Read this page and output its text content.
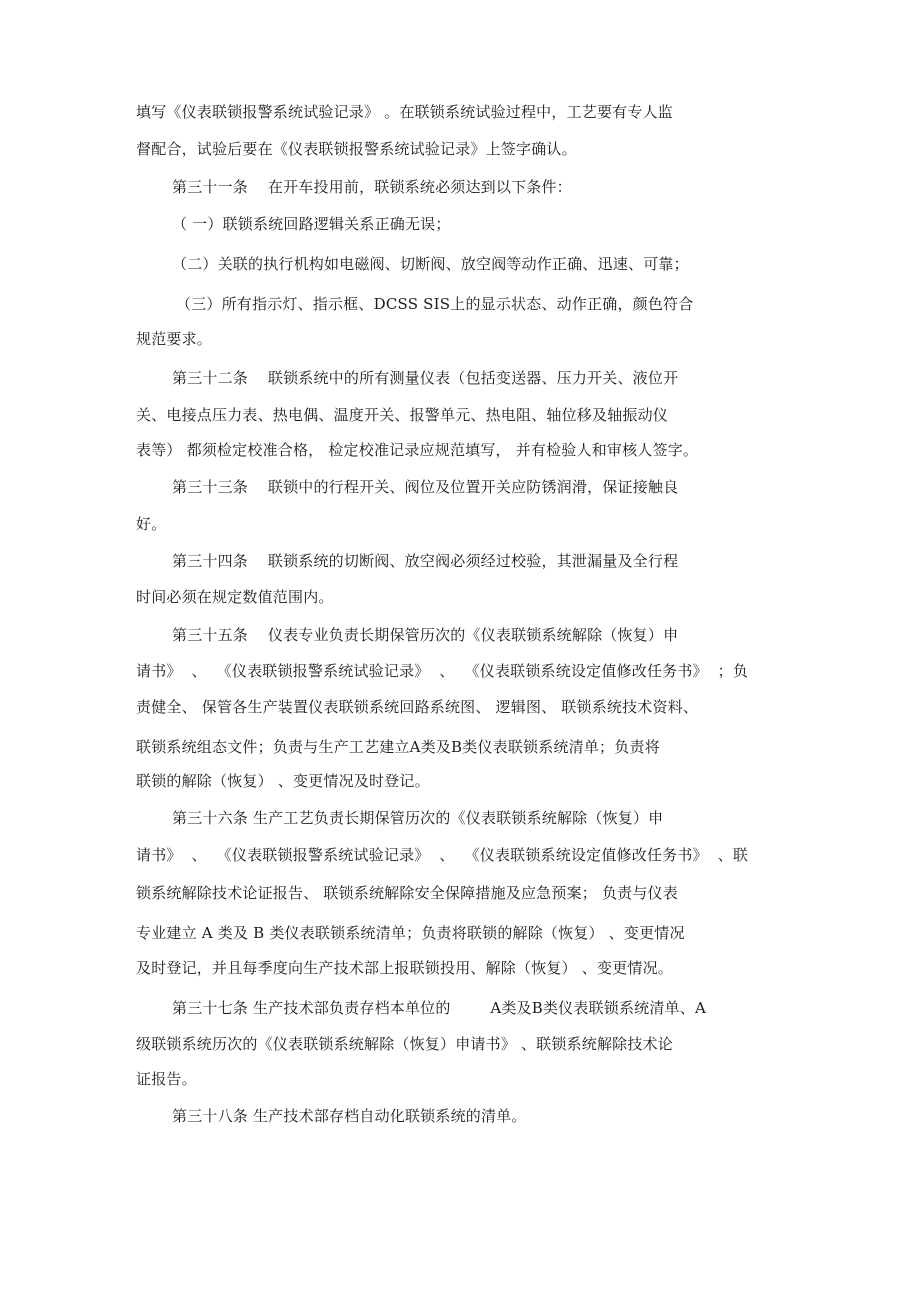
填写《仪表联锁报警系统试验记录》 。在联锁系统试验过程中，工艺要有专人监
督配合，试验后要在《仪表联锁报警系统试验记录》上签字确认。
第三十一条    在开车投用前，联锁系统必须达到以下条件：
（ 一）联锁系统回路逻辑关系正确无误；
（二）关联的执行机构如电磁阀、切断阀、放空阀等动作正确、迅速、可靠；
（三）所有指示灯、指示框、DCSS SIS上的显示状态、动作正确，颜色符合
规范要求。
第三十二条    联锁系统中的所有测量仪表（包括变送器、压力开关、液位开
关、电接点压力表、热电偶、温度开关、报警单元、热电阻、轴位移及轴振动仪
表等） 都须检定校准合格， 检定校准记录应规范填写， 并有检验人和审核人签字。
第三十三条    联锁中的行程开关、阀位及位置开关应防锈润滑，保证接触良
好。
第三十四条    联锁系统的切断阀、放空阀必须经过校验，其泄漏量及全行程
时间必须在规定数值范围内。
第三十五条    仪表专业负责长期保管历次的《仪表联锁系统解除（恢复）申
请书》  、  《仪表联锁报警系统试验记录》  、  《仪表联锁系统设定值修改任务书》  ；负
责健全、 保管各生产装置仪表联锁系统回路系统图、 逻辑图、 联锁系统技术资料、
联锁系统组态文件；负责与生产工艺建立A类及B类仪表联锁系统清单；负责将
联锁的解除（恢复） 、变更情况及时登记。
第三十六条 生产工艺负责长期保管历次的《仪表联锁系统解除（恢复）申
请书》  、  《仪表联锁报警系统试验记录》  、  《仪表联锁系统设定值修改任务书》  、联
锁系统解除技术论证报告、 联锁系统解除安全保障措施及应急预案； 负责与仪表
专业建立 A 类及 B 类仪表联锁系统清单；负责将联锁的解除（恢复） 、变更情况
及时登记，并且每季度向生产技术部上报联锁投用、解除（恢复） 、变更情况。
第三十七条 生产技术部负责存档本单位的        A类及B类仪表联锁系统清单、A
级联锁系统历次的《仪表联锁系统解除（恢复）申请书》 、联锁系统解除技术论
证报告。
第三十八条 生产技术部存档自动化联锁系统的清单。
